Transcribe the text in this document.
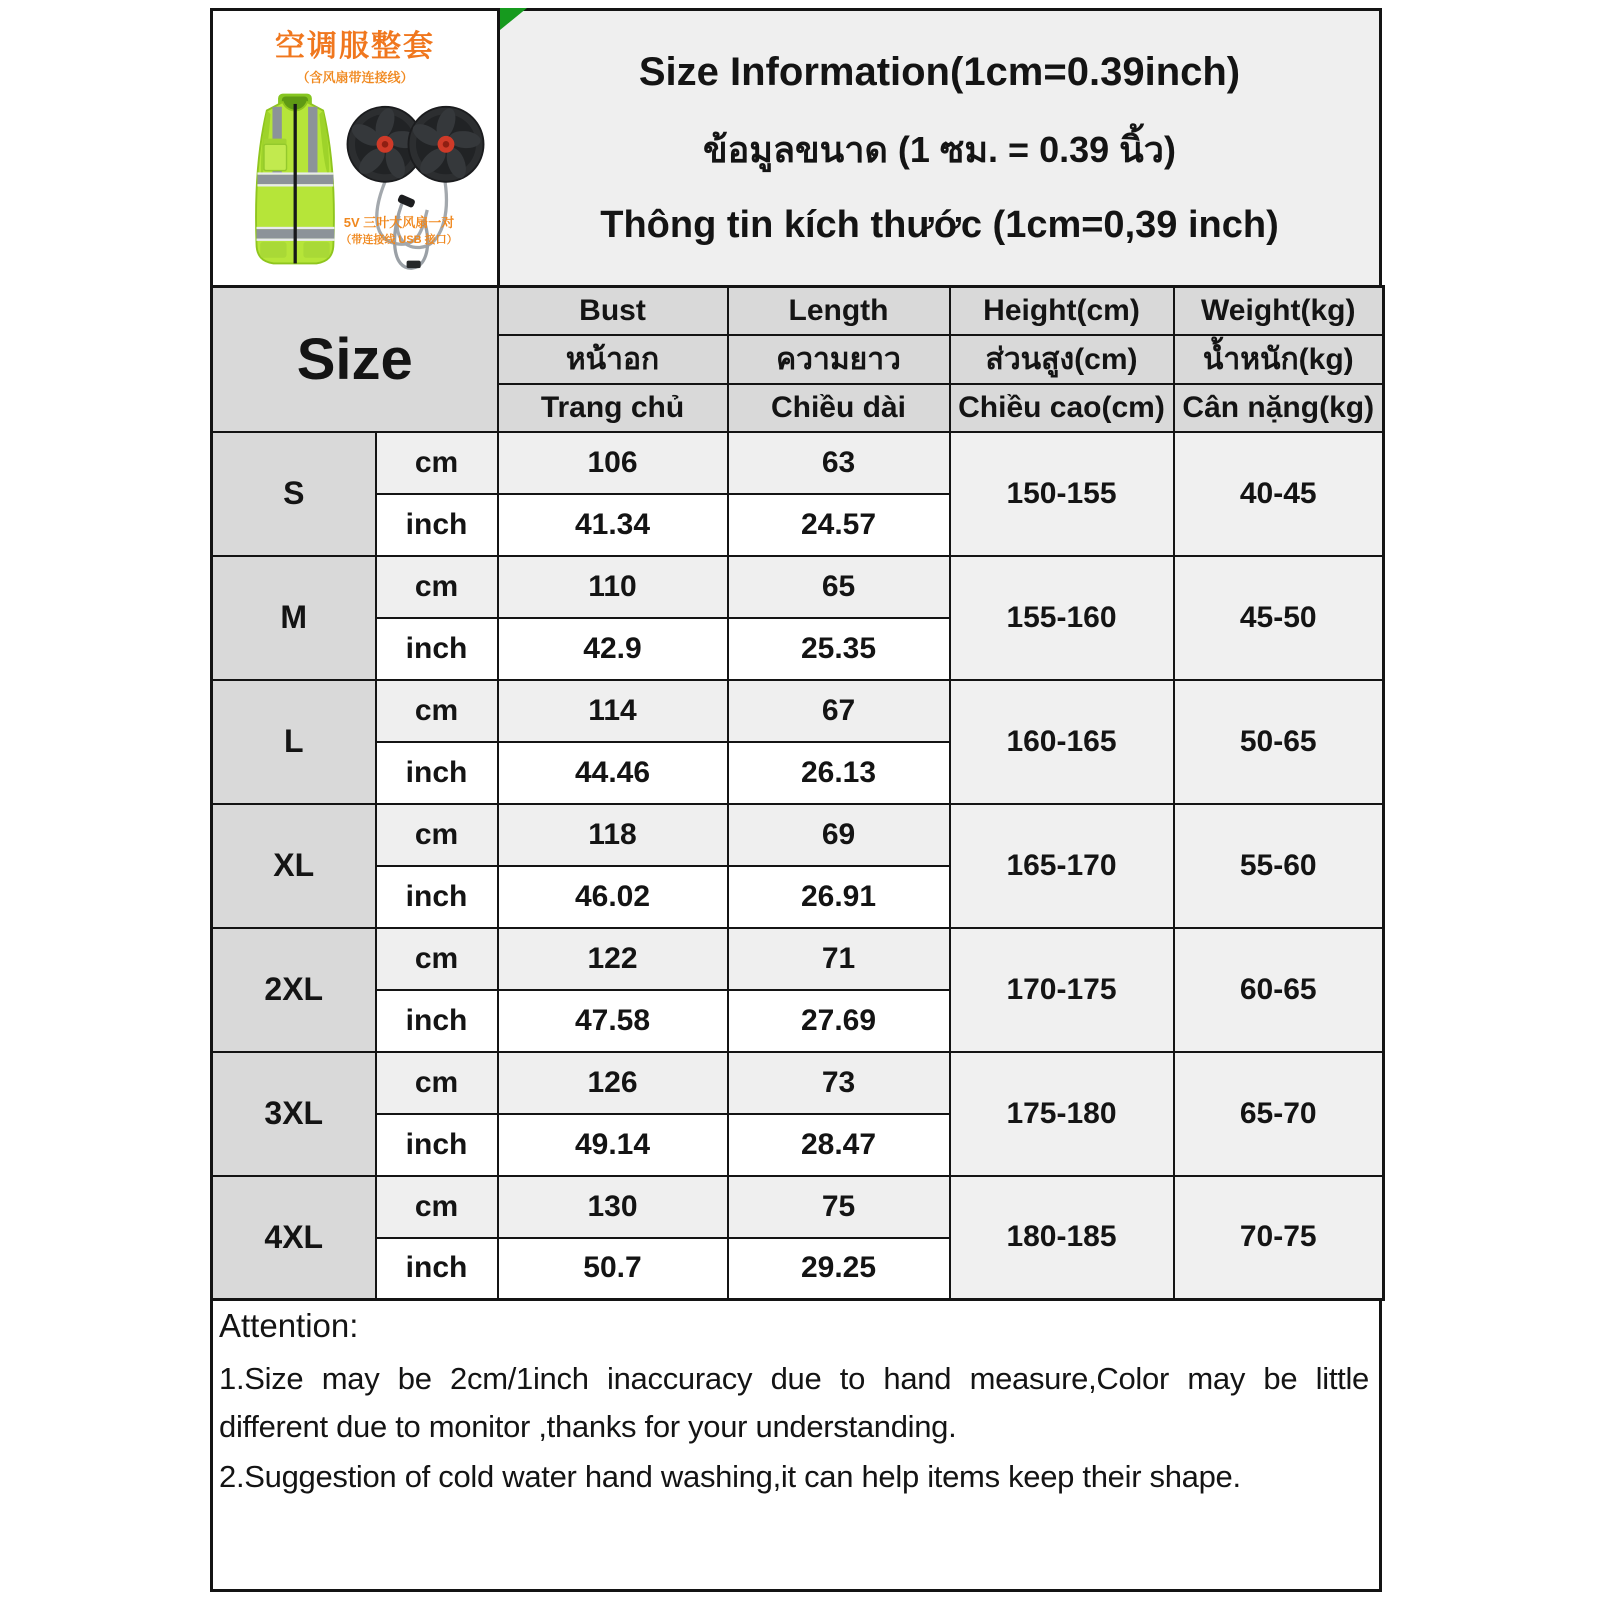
空调服整套
（含风扇带连接线）
5V 三叶大风扇一对
（带连接线 USB 接口）
Size Information(1cm=0.39inch)
ข้อมูลขนาด (1 ซม. = 0.39 นิ้ว)
Thông tin kích thước (1cm=0,39 inch)
Size		Bust	Length	Height(cm)	Weight(kg)
		หน้าอก	ความยาว	ส่วนสูง(cm)	น้ำหนัก(kg)
		Trang chủ	Chiều dài	Chiều cao(cm)	Cân nặng(kg)
S	cm	106	63	150-155	40-45
	inch	41.34	24.57		
M	cm	110	65	155-160	45-50
	inch	42.9	25.35		
L	cm	114	67	160-165	50-65
	inch	44.46	26.13		
XL	cm	118	69	165-170	55-60
	inch	46.02	26.91		
2XL	cm	122	71	170-175	60-65
	inch	47.58	27.69		
3XL	cm	126	73	175-180	65-70
	inch	49.14	28.47		
4XL	cm	130	75	180-185	70-75
	inch	50.7	29.25		
Attention:
1.Size may be 2cm/1inch inaccuracy due to hand measure,Color may be little different due to monitor ,thanks for your understanding.
2.Suggestion of cold water hand washing,it can help items keep their shape.
